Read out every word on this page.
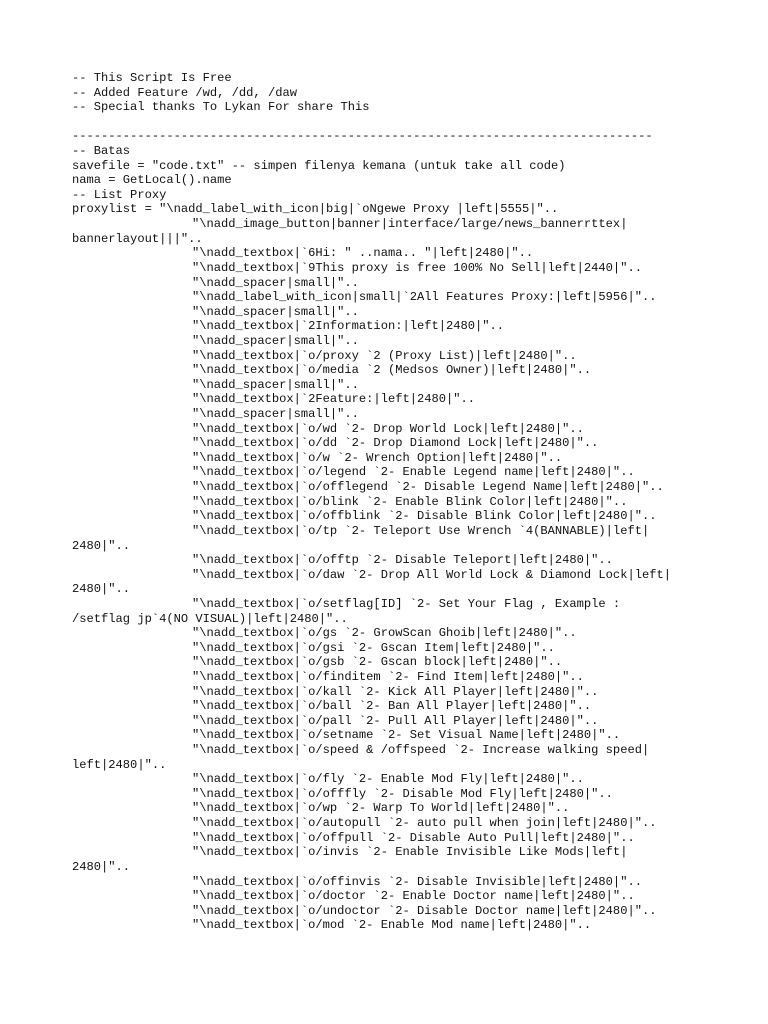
-- This Script Is Free
-- Added Feature /wd, /dd, /daw
-- Special thanks To Lykan For share This
--------------------------------------------------------------------------------
-- Batas
savefile = "code.txt" -- simpen filenya kemana (untuk take all code)
nama = GetLocal().name
-- List Proxy
proxylist = "\nadd_label_with_icon|big|`oNgewe Proxy |left|5555|"..
"\nadd_image_button|banner|interface/large/news_bannerrttex|
bannerlayout|||"..
"\nadd_textbox|`6Hi: " ..nama.. "|left|2480|"..
"\nadd_textbox|`9This proxy is free 100% No Sell|left|2440|"..
"\nadd_spacer|small|"..
"\nadd_label_with_icon|small|`2All Features Proxy:|left|5956|"..
"\nadd_spacer|small|"..
"\nadd_textbox|`2Information:|left|2480|"..
"\nadd_spacer|small|"..
"\nadd_textbox|`o/proxy `2 (Proxy List)|left|2480|"..
"\nadd_textbox|`o/media `2 (Medsos Owner)|left|2480|"..
"\nadd_spacer|small|"..
"\nadd_textbox|`2Feature:|left|2480|"..
"\nadd_spacer|small|"..
"\nadd_textbox|`o/wd `2- Drop World Lock|left|2480|"..
"\nadd_textbox|`o/dd `2- Drop Diamond Lock|left|2480|"..
"\nadd_textbox|`o/w `2- Wrench Option|left|2480|"..
"\nadd_textbox|`o/legend `2- Enable Legend name|left|2480|"..
"\nadd_textbox|`o/offlegend `2- Disable Legend Name|left|2480|"..
"\nadd_textbox|`o/blink `2- Enable Blink Color|left|2480|"..
"\nadd_textbox|`o/offblink `2- Disable Blink Color|left|2480|"..
"\nadd_textbox|`o/tp `2- Teleport Use Wrench `4(BANNABLE)|left|
2480|"..
"\nadd_textbox|`o/offtp `2- Disable Teleport|left|2480|"..
"\nadd_textbox|`o/daw `2- Drop All World Lock & Diamond Lock|left|
2480|"..
"\nadd_textbox|`o/setflag[ID] `2- Set Your Flag , Example :
/setflag jp`4(NO VISUAL)|left|2480|"..
"\nadd_textbox|`o/gs `2- GrowScan Ghoib|left|2480|"..
"\nadd_textbox|`o/gsi `2- Gscan Item|left|2480|"..
"\nadd_textbox|`o/gsb `2- Gscan block|left|2480|"..
"\nadd_textbox|`o/finditem `2- Find Item|left|2480|"..
"\nadd_textbox|`o/kall `2- Kick All Player|left|2480|"..
"\nadd_textbox|`o/ball `2- Ban All Player|left|2480|"..
"\nadd_textbox|`o/pall `2- Pull All Player|left|2480|"..
"\nadd_textbox|`o/setname `2- Set Visual Name|left|2480|"..
"\nadd_textbox|`o/speed & /offspeed `2- Increase walking speed|
left|2480|"..
"\nadd_textbox|`o/fly `2- Enable Mod Fly|left|2480|"..
"\nadd_textbox|`o/offfly `2- Disable Mod Fly|left|2480|"..
"\nadd_textbox|`o/wp `2- Warp To World|left|2480|"..
"\nadd_textbox|`o/autopull `2- auto pull when join|left|2480|"..
"\nadd_textbox|`o/offpull `2- Disable Auto Pull|left|2480|"..
"\nadd_textbox|`o/invis `2- Enable Invisible Like Mods|left|
2480|"..
"\nadd_textbox|`o/offinvis `2- Disable Invisible|left|2480|"..
"\nadd_textbox|`o/doctor `2- Enable Doctor name|left|2480|"..
"\nadd_textbox|`o/undoctor `2- Disable Doctor name|left|2480|"..
"\nadd_textbox|`o/mod `2- Enable Mod name|left|2480|"..
